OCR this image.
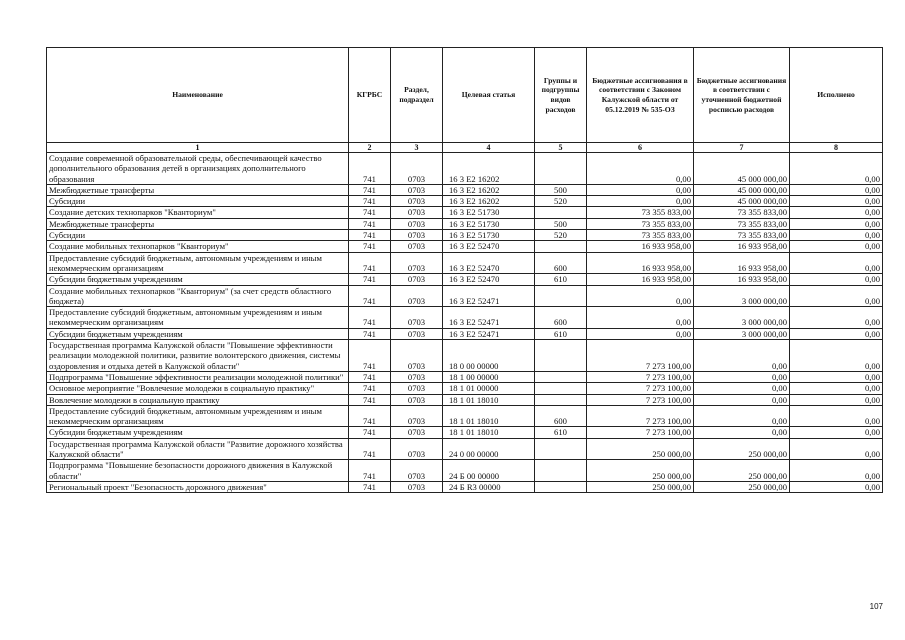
Наименование	КГРБС	Раздел, подраздел	Целевая статья	Группы и подгруппы видов расходов	Бюджетные ассигнования в соответствии с Законом Калужской области от 05.12.2019 № 535-ОЗ	Бюджетные ассигнования в соответствии с уточненной бюджетной росписью расходов	Исполнено
1	2	3	4	5	6	7	8
Создание современной образовательной среды, обеспечивающей качество дополнительного образования детей в организациях дополнительного образования	741	0703	16 3 E2 16202		0,00	45 000 000,00	0,00
Межбюджетные трансферты	741	0703	16 3 E2 16202	500	0,00	45 000 000,00	0,00
Субсидии	741	0703	16 3 E2 16202	520	0,00	45 000 000,00	0,00
Создание детских технопарков "Кванториум"	741	0703	16 3 E2 51730		73 355 833,00	73 355 833,00	0,00
Межбюджетные трансферты	741	0703	16 3 E2 51730	500	73 355 833,00	73 355 833,00	0,00
Субсидии	741	0703	16 3 E2 51730	520	73 355 833,00	73 355 833,00	0,00
Создание мобильных технопарков "Кванториум"	741	0703	16 3 E2 52470		16 933 958,00	16 933 958,00	0,00
Предоставление субсидий бюджетным, автономным учреждениям и иным некоммерческим организациям	741	0703	16 3 E2 52470	600	16 933 958,00	16 933 958,00	0,00
Субсидии бюджетным учреждениям	741	0703	16 3 E2 52470	610	16 933 958,00	16 933 958,00	0,00
Создание мобильных технопарков "Кванториум" (за счет средств областного бюджета)	741	0703	16 3 E2 52471		0,00	3 000 000,00	0,00
Предоставление субсидий бюджетным, автономным учреждениям и иным некоммерческим организациям	741	0703	16 3 E2 52471	600	0,00	3 000 000,00	0,00
Субсидии бюджетным учреждениям	741	0703	16 3 E2 52471	610	0,00	3 000 000,00	0,00
Государственная программа Калужской области "Повышение эффективности реализации молодежной политики, развитие волонтерского движения, системы оздоровления и отдыха детей в Калужской области"	741	0703	18 0 00 00000		7 273 100,00	0,00	0,00
Подпрограмма "Повышение эффективности реализации молодежной политики"	741	0703	18 1 00 00000		7 273 100,00	0,00	0,00
Основное мероприятие "Вовлечение молодежи в социальную практику"	741	0703	18 1 01 00000		7 273 100,00	0,00	0,00
Вовлечение молодежи в социальную практику	741	0703	18 1 01 18010		7 273 100,00	0,00	0,00
Предоставление субсидий бюджетным, автономным учреждениям и иным некоммерческим организациям	741	0703	18 1 01 18010	600	7 273 100,00	0,00	0,00
Субсидии бюджетным учреждениям	741	0703	18 1 01 18010	610	7 273 100,00	0,00	0,00
Государственная программа Калужской области "Развитие дорожного хозяйства Калужской области"	741	0703	24 0 00 00000		250 000,00	250 000,00	0,00
Подпрограмма "Повышение безопасности дорожного движения в Калужской области"	741	0703	24 Б 00 00000		250 000,00	250 000,00	0,00
Региональный проект "Безопасность дорожного движения"	741	0703	24 Б R3 00000		250 000,00	250 000,00	0,00
107
